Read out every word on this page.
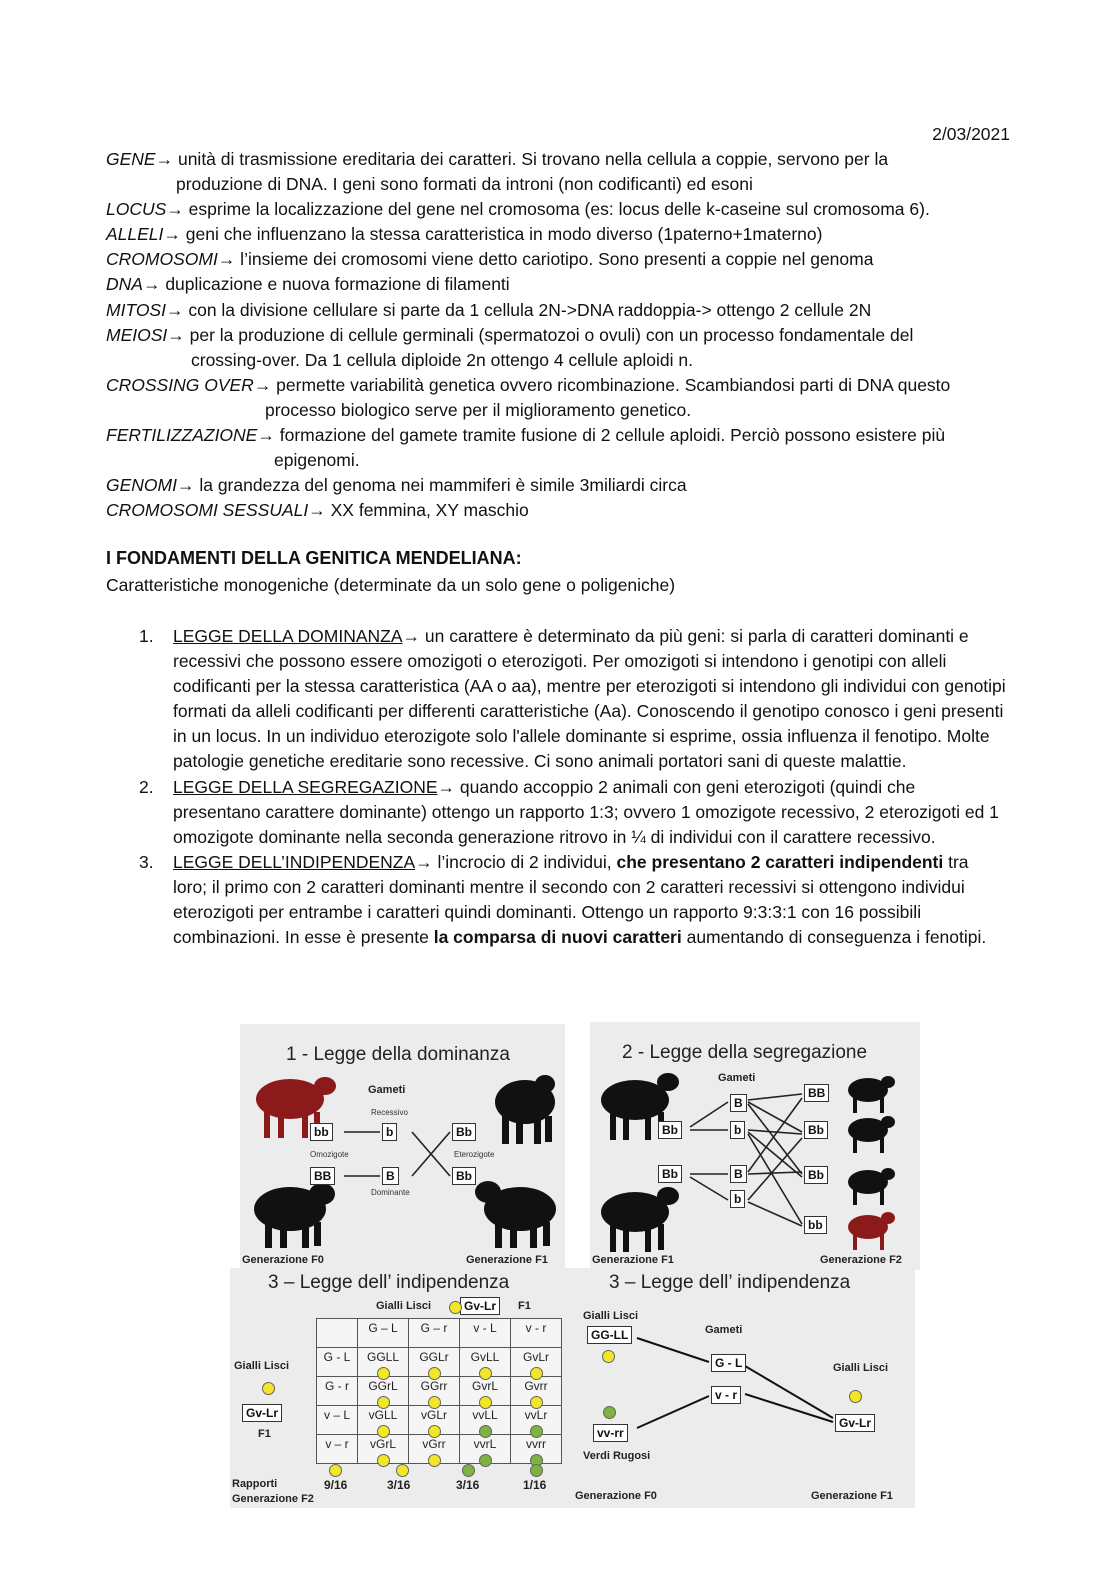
2/03/2021

GENE→ unità di trasmissione ereditaria dei caratteri. Si trovano nella cellula a coppie, servono per la
produzione di DNA. I geni sono formati da introni (non codificanti) ed esoni

LOCUS→ esprime la localizzazione del gene nel cromosoma (es: locus delle k-caseine sul cromosoma 6).

ALLELI→ geni che influenzano la stessa caratteristica in modo diverso (1paterno+1materno)

CROMOSOMI→ l’insieme dei cromosomi viene detto cariotipo. Sono presenti a coppie nel genoma

DNA→ duplicazione e nuova formazione di filamenti

MITOSI→ con la divisione cellulare si parte da 1 cellula 2N->DNA raddoppia-> ottengo 2 cellule 2N

MEIOSI→ per la produzione di cellule germinali (spermatozoi o ovuli) con un processo fondamentale del
crossing-over. Da 1 cellula diploide 2n ottengo 4 cellule aploidi n.

CROSSING OVER→ permette variabilità genetica ovvero ricombinazione. Scambiandosi parti di DNA questo
processo biologico serve per il miglioramento genetico.

FERTILIZZAZIONE→ formazione del gamete tramite fusione di 2 cellule aploidi. Perciò possono esistere più
epigenomi.

GENOMI→ la grandezza del genoma nei mammiferi è simile 3miliardi circa

CROMOSOMI SESSUALI→ XX femmina, XY maschio

I FONDAMENTI DELLA GENITICA MENDELIANA:
Caratteristiche monogeniche (determinate da un solo gene o poligeniche)

1. LEGGE DELLA DOMINANZA→ un carattere è determinato da più geni: si parla di caratteri dominanti e recessivi che possono essere omozigoti o eterozigoti. Per omozigoti si intendono i genotipi con alleli codificanti per la stessa caratteristica (AA o aa), mentre per eterozigoti si intendono gli individui con genotipi formati da alleli codificanti per differenti caratteristiche (Aa). Conoscendo il genotipo conosco i geni presenti in un locus. In un individuo eterozigote solo l'allele dominante si esprime, ossia influenza il fenotipo. Molte patologie genetiche ereditarie sono recessive. Ci sono animali portatori sani di queste malattie.

2. LEGGE DELLA SEGREGAZIONE→ quando accoppio 2 animali con geni eterozigoti (quindi che presentano carattere dominante) ottengo un rapporto 1:3; ovvero 1 omozigote recessivo, 2 eterozigoti ed 1 omozigote dominante nella seconda generazione ritrovo in ¼ di individui con il carattere recessivo.

3. LEGGE DELL’INDIPENDENZA→ l’incrocio di 2 individui, che presentano 2 caratteri indipendenti tra loro; il primo con 2 caratteri dominanti mentre il secondo con 2 caratteri recessivi si ottengono individui eterozigoti per entrambe i caratteri quindi dominanti. Ottengo un rapporto 9:3:3:1 con 16 possibili combinazioni. In esse è presente la comparsa di nuovi caratteri aumentando di conseguenza i fenotipi.

1 - Legge della dominanza
Gameti
Recessivo
Omozigote	Eterozigote
Dominante
bb
BB
b
B
Bb
Bb
Generazione F0	Generazione F1
2 - Legge della segregazione
Gameti
Bb
Bb
B
b
B
b
BB
Bb
Bb
bb
Generazione F1	Generazione F2
3 – Legge dell’ indipendenza
Gialli Lisci	Gv-Lr	F1
Gialli Lisci
Gv-Lr
F1
	G – L	G – r	v - L	v - r
G - L	GGLL	GGLr	GvLL	GvLr

G - r	GGrL	GGrr	GvrL	Gvrr

v – L	vGLL	vGLr	vvLL	vvLr

v – r	vGrL	vGrr	vvrL	vvrr
Rapporti
Generazione F2
9/16	3/16	3/16	1/16
3 – Legge dell’ indipendenza
Gialli Lisci
GG-LL	Gameti
G - L
v - r
Gialli Lisci
Gv-Lr
vv-rr
Verdi Rugosi
Generazione F0	Generazione F1
